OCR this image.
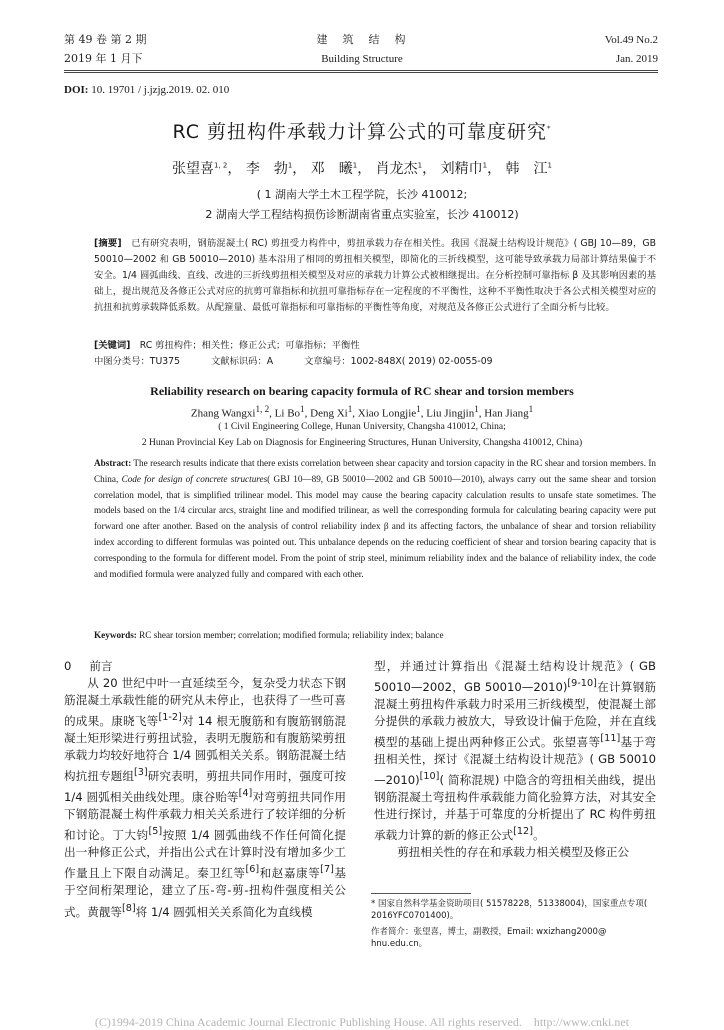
第 49 卷 第 2 期
2019 年 1 月下
建　筑　结　构
Building Structure
Vol.49 No.2
Jan. 2019
DOI: 10. 19701 / j.jzjg.2019. 02. 010
RC 剪扭构件承载力计算公式的可靠度研究*
张望喜$^{1, 2}$， 李　勃$^1$， 邓　曦$^1$， 肖龙杰$^1$， 刘精巾$^1$， 韩　江$^1$
( 1 湖南大学土木工程学院，长沙 410012;
2 湖南大学工程结构损伤诊断湖南省重点实验室，长沙 410012)
[摘要]　 已有研究表明，钢筋混凝土( RC) 剪扭受力构件中，剪扭承载力存在相关性。我国《混凝土结构设计规范》( GBJ 10—89，GB 50010—2002 和 GB 50010—2010) 基本沿用了相同的剪扭相关模型，即简化的三折线模型，这可能导致承载力局部计算结果偏于不安全。1/4 圆弧曲线、直线、改进的三折线剪扭相关模型及对应的承载力计算公式被相继提出。在分析控制可靠指标 β 及其影响因素的基础上，提出规范及各修正公式对应的抗剪可靠指标和抗扭可靠指标存在一定程度的不平衡性，这种不平衡性取决于各公式相关模型对应的抗扭和抗剪承载降低系数。从配箍量、最低可靠指标和可靠指标的平衡性等角度，对规范及各修正公式进行了全面分析与比较。
[关键词]　 RC 剪扭构件；相关性；修正公式；可靠指标；平衡性
中图分类号：TU375	文献标识码：A	文章编号：1002-848X( 2019) 02-0055-09
Reliability research on bearing capacity formula of RC shear and torsion members
Zhang Wangxi$^{1, 2}$, Li Bo$^1$, Deng Xi$^1$, Xiao Longjie$^1$, Liu Jingjin$^1$, Han Jiang$^1$
( 1 Civil Engineering College, Hunan University, Changsha 410012, China;
2 Hunan Provincial Key Lab on Diagnosis for Engineering Structures, Hunan University, Changsha 410012, China)
Abstract: The research results indicate that there exists correlation between shear capacity and torsion capacity in the RC shear and torsion members. In China, Code for design of concrete structures( GBJ 10—89, GB 50010—2002 and GB 50010—2010), always carry out the same shear and torsion correlation model, that is simplified trilinear model. This model may cause the bearing capacity calculation results to unsafe state sometimes. The models based on the 1/4 circular arcs, straight line and modified trilinear, as well the corresponding formula for calculating bearing capacity were put forward one after another. Based on the analysis of control reliability index β and its affecting factors, the unbalance of shear and torsion reliability index according to different formulas was pointed out. This unbalance depends on the reducing coefficient of shear and torsion bearing capacity that is corresponding to the formula for different model. From the point of strip steel, minimum reliability index and the balance of reliability index, the code and modified formula were analyzed fully and compared with each other.
Keywords: RC shear torsion member; correlation; modified formula; reliability index; balance

0 前言

从 20 世纪中叶一直延续至今，复杂受力状态下钢筋混凝土承载性能的研究从未停止，也获得了一些可喜的成果。康晓飞等[1-2]对 14 根无腹筋和有腹筋钢筋混凝土矩形梁进行剪扭试验，表明无腹筋和有腹筋梁剪扭承载力均较好地符合 1/4 圆弧相关关系。钢筋混凝土结构抗扭专题组[3]研究表明，剪扭共同作用时，强度可按 1/4 圆弧相关曲线处理。康谷贻等[4]对弯剪扭共同作用下钢筋混凝土构件承载力相关关系进行了较详细的分析和讨论。丁大钧[5]按照 1/4 圆弧曲线不作任何简化提出一种修正公式，并指出公式在计算时没有增加多少工作量且上下限自动满足。秦卫红等[6]和赵嘉康等[7]基于空间桁架理论，建立了压-弯-剪-扭构件强度相关公式。黄靓等[8]将 1/4 圆弧相关关系简化为直线模

型，并通过计算指出《混凝土结构设计规范》( GB 50010—2002，GB 50010—2010)[9-10]在计算钢筋混凝土剪扭构件承载力时采用三折线模型，使混凝土部分提供的承载力被放大，导致设计偏于危险，并在直线模型的基础上提出两种修正公式。张望喜等[11]基于弯扭相关性，探讨《混凝土结构设计规范》( GB 50010—2010)[10]( 简称混规) 中隐含的弯扭相关曲线，提出钢筋混凝土弯扭构件承载能力简化验算方法，对其安全性进行探讨，并基于可靠度的分析提出了 RC 构件剪扭承载力计算的新的修正公式[12]。

剪扭相关性的存在和承载力相关模型及修正公

* 国家自然科学基金资助项目( 51578228，51338004)，国家重点专项( 2016YFC0701400)。
作者简介：张望喜，博士，副教授，Email: wxizhang2000@ hnu.edu.cn。
(C)1994-2019 China Academic Journal Electronic Publishing House. All rights reserved.　http://www.cnki.net
